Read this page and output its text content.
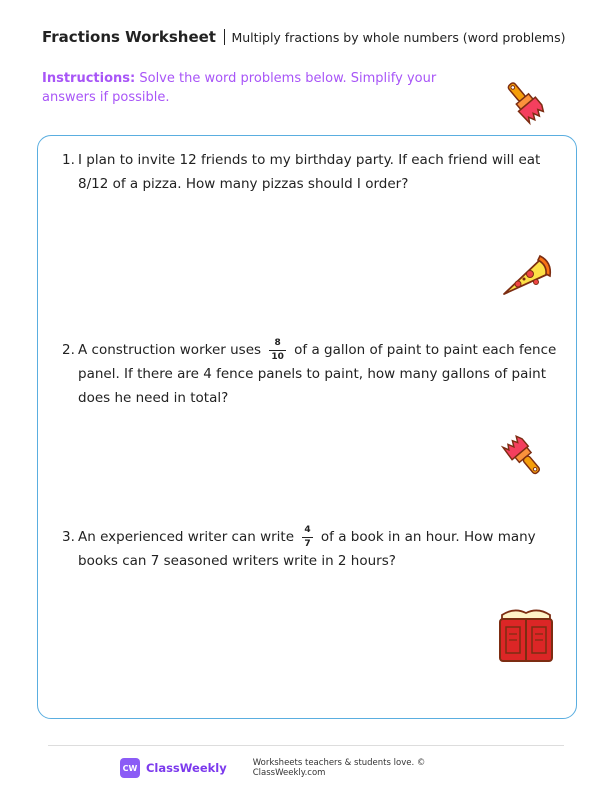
Fractions Worksheet Multiply fractions by whole numbers (word problems)
Instructions: Solve the word problems below. Simplify your answers if possible.
1. I plan to invite 12 friends to my birthday party. If each friend will eat
8/12 of a pizza. How many pizzas should I order?
2. A construction worker uses $\frac{8}{10}$ of a gallon of paint to paint each fence
panel. If there are 4 fence panels to paint, how many gallons of paint
does he need in total?
3. An experienced writer can write $\frac{4}{7}$ of a book in an hour. How many
books can 7 seasoned writers write in 2 hours?
CW ClassWeekly	Worksheets teachers & students love. © ClassWeekly.com
